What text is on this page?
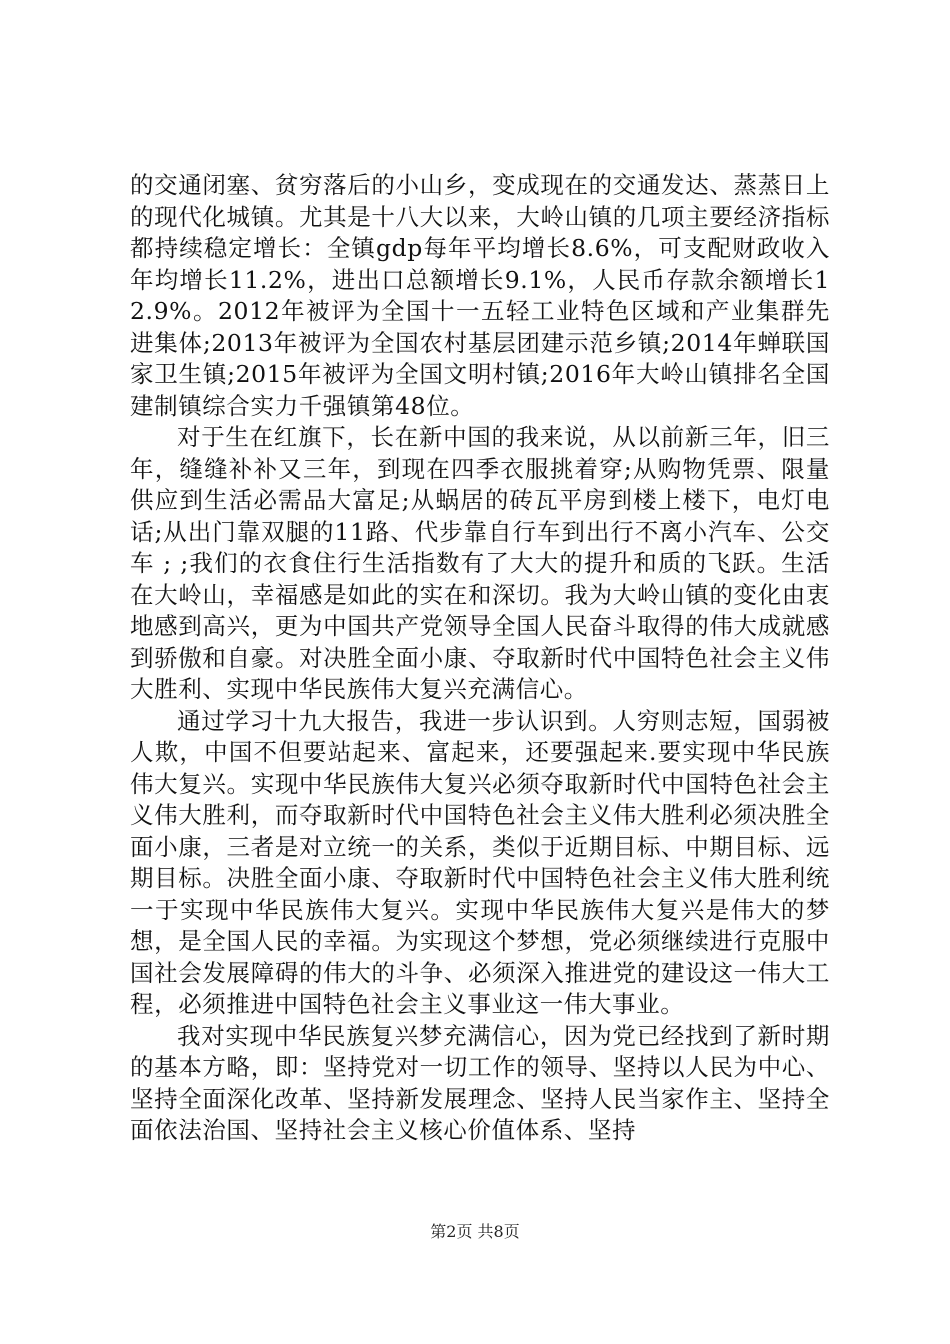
的交通闭塞、贫穷落后的小山乡，变成现在的交通发达、蒸蒸日上的现代化城镇。尤其是十八大以来，大岭山镇的几项主要经济指标都持续稳定增长：全镇gdp每年平均增长8.6%，可支配财政收入年均增长11.2%，进出口总额增长9.1%，人民币存款余额增长12.9%。2012年被评为全国十一五轻工业特色区域和产业集群先进集体;2013年被评为全国农村基层团建示范乡镇;2014年蝉联国家卫生镇;2015年被评为全国文明村镇;2016年大岭山镇排名全国建制镇综合实力千强镇第48位。

对于生在红旗下，长在新中国的我来说，从以前新三年，旧三年，缝缝补补又三年，到现在四季衣服挑着穿;从购物凭票、限量供应到生活必需品大富足;从蜗居的砖瓦平房到楼上楼下，电灯电话;从出门靠双腿的11路、代步靠自行车到出行不离小汽车、公交车 ; ;我们的衣食住行生活指数有了大大的提升和质的飞跃。生活在大岭山，幸福感是如此的实在和深切。我为大岭山镇的变化由衷地感到高兴，更为中国共产党领导全国人民奋斗取得的伟大成就感到骄傲和自豪。对决胜全面小康、夺取新时代中国特色社会主义伟大胜利、实现中华民族伟大复兴充满信心。

通过学习十九大报告，我进一步认识到。人穷则志短，国弱被人欺，中国不但要站起来、富起来，还要强起来.要实现中华民族伟大复兴。实现中华民族伟大复兴必须夺取新时代中国特色社会主义伟大胜利，而夺取新时代中国特色社会主义伟大胜利必须决胜全面小康，三者是对立统一的关系，类似于近期目标、中期目标、远期目标。决胜全面小康、夺取新时代中国特色社会主义伟大胜利统一于实现中华民族伟大复兴。实现中华民族伟大复兴是伟大的梦想，是全国人民的幸福。为实现这个梦想，党必须继续进行克服中国社会发展障碍的伟大的斗争、必须深入推进党的建设这一伟大工程，必须推进中国特色社会主义事业这一伟大事业。

我对实现中华民族复兴梦充满信心，因为党已经找到了新时期的基本方略，即：坚持党对一切工作的领导、坚持以人民为中心、坚持全面深化改革、坚持新发展理念、坚持人民当家作主、坚持全面依法治国、坚持社会主义核心价值体系、坚持

第2页 共8页
